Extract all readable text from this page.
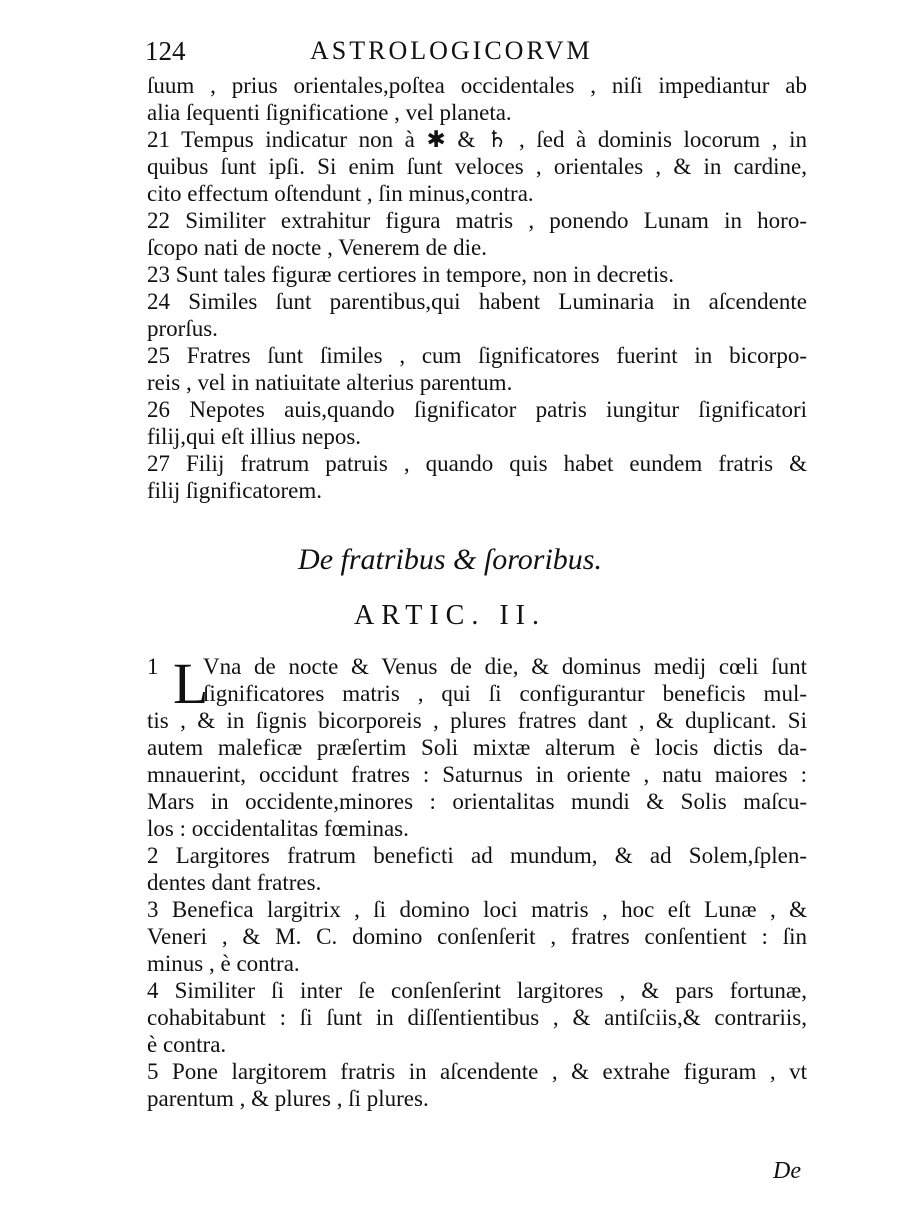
124	ASTROLOGICORVM
ſuum , prius orientales,poſtea occidentales , niſi impediantur ab
alia ſequenti ſignificatione , vel planeta.
21 Tempus indicatur non à ✱ & ♄ , ſed à dominis locorum , in
quibus ſunt ipſi. Si enim ſunt veloces , orientales , & in cardine,
cito effectum oſtendunt , ſin minus,contra.
22 Similiter extrahitur figura matris , ponendo Lunam in horo-
ſcopo nati de nocte , Venerem de die.
23 Sunt tales figuræ certiores in tempore, non in decretis.
24 Similes ſunt parentibus,qui habent Luminaria in aſcendente
prorſus.
25 Fratres ſunt ſimiles , cum ſignificatores fuerint in bicorpo-
reis , vel in natiuitate alterius parentum.
26 Nepotes auis,quando ſignificator patris iungitur ſignificatori
filij,qui eſt illius nepos.
27 Filij fratrum patruis , quando quis habet eundem fratris &
filij ſignificatorem.
De fratribus & ſororibus.
ARTIC. II.
1 L
Vna de nocte & Venus de die, & dominus medij cœli ſunt
ſignificatores matris , qui ſi configurantur beneficis mul-
tis , & in ſignis bicorporeis , plures fratres dant , & duplicant. Si
autem maleficæ præſertim Soli mixtæ alterum è locis dictis da-
mnauerint, occidunt fratres : Saturnus in oriente , natu maiores :
Mars in occidente,minores : orientalitas mundi & Solis maſcu-
los : occidentalitas fœminas.
2 Largitores fratrum beneficti ad mundum, & ad Solem,ſplen-
dentes dant fratres.
3 Benefica largitrix , ſi domino loci matris , hoc eſt Lunæ , &
Veneri , & M. C. domino conſenſerit , fratres conſentient : ſin
minus , è contra.
4 Similiter ſi inter ſe conſenſerint largitores , & pars fortunæ,
cohabitabunt : ſi ſunt in diſſentientibus , & antiſciis,& contrariis,
è contra.
5 Pone largitorem fratris in aſcendente , & extrahe figuram , vt
parentum , & plures , ſi plures.
De
